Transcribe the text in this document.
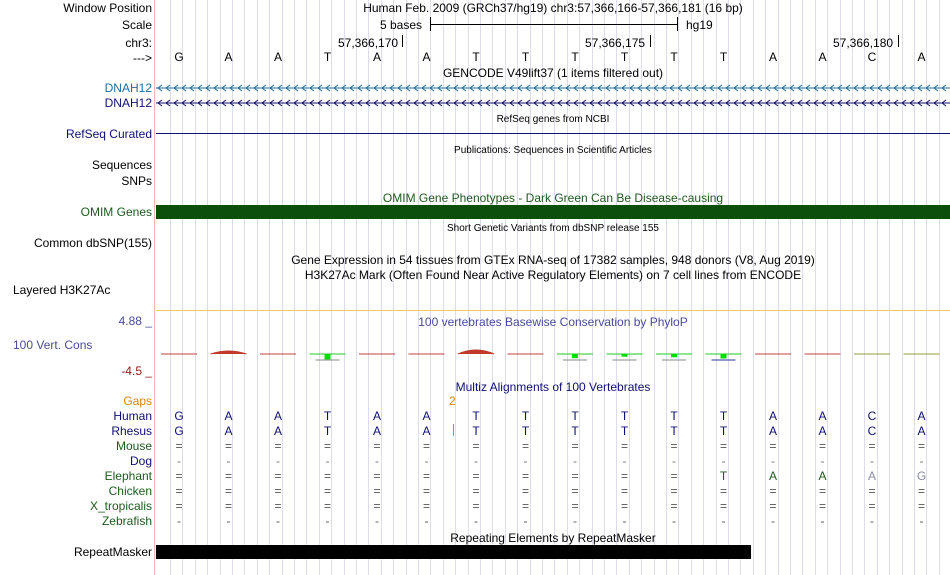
Window Position	Human Feb. 2009 (GRCh37/hg19) chr3:57,366,166-57,366,181 (16 bp)
Scale	5 bases	hg19
chr3:	57,366,170	57,366,175	57,366,180
--->	G	A	A	T	A	A	T	T	T	T	T	T	A	A	C	A
GENCODE V49lift37 (1 items filtered out)
DNAH12
DNAH12
RefSeq genes from NCBI
RefSeq Curated
Publications: Sequences in Scientific Articles
Sequences
SNPs
OMIM Gene Phenotypes - Dark Green Can Be Disease-causing
OMIM Genes
Short Genetic Variants from dbSNP release 155
Common dbSNP(155)
Gene Expression in 54 tissues from GTEx RNA-seq of 17382 samples, 948 donors (V8, Aug 2019)
H3K27Ac Mark (Often Found Near Active Regulatory Elements) on 7 cell lines from ENCODE
Layered H3K27Ac
4.88 _	100 vertebrates Basewise Conservation by PhyloP
100 Vert. Cons
-4.5 _
Multiz Alignments of 100 Vertebrates
Gaps	2
Human	G	A	A	T	A	A	T	T	T	T	T	T	A	A	C	A
Rhesus	G	A	A	T	A	A	T	T	T	T	T	T	A	A	C	A
Mouse	=	=	=	=	=	=	=	=	=	=	=	=	=	=	=	=
Dog	-	-	-	-	-	-	-	-	-	-	-	-	-	-	-	-
Elephant	=	=	=	=	=	=	=	=	=	=	=	T	A	A	A	G
Chicken	=	=	=	=	=	=	=	=	=	=	=	=	=	=	=	=
X_tropicalis	=	=	=	=	=	=	=	=	=	=	=	=	=	=	=	=
Zebrafish	-	-	-	-	-	-	-	-	-	-	-	-	-	-	-	-
Repeating Elements by RepeatMasker
RepeatMasker
